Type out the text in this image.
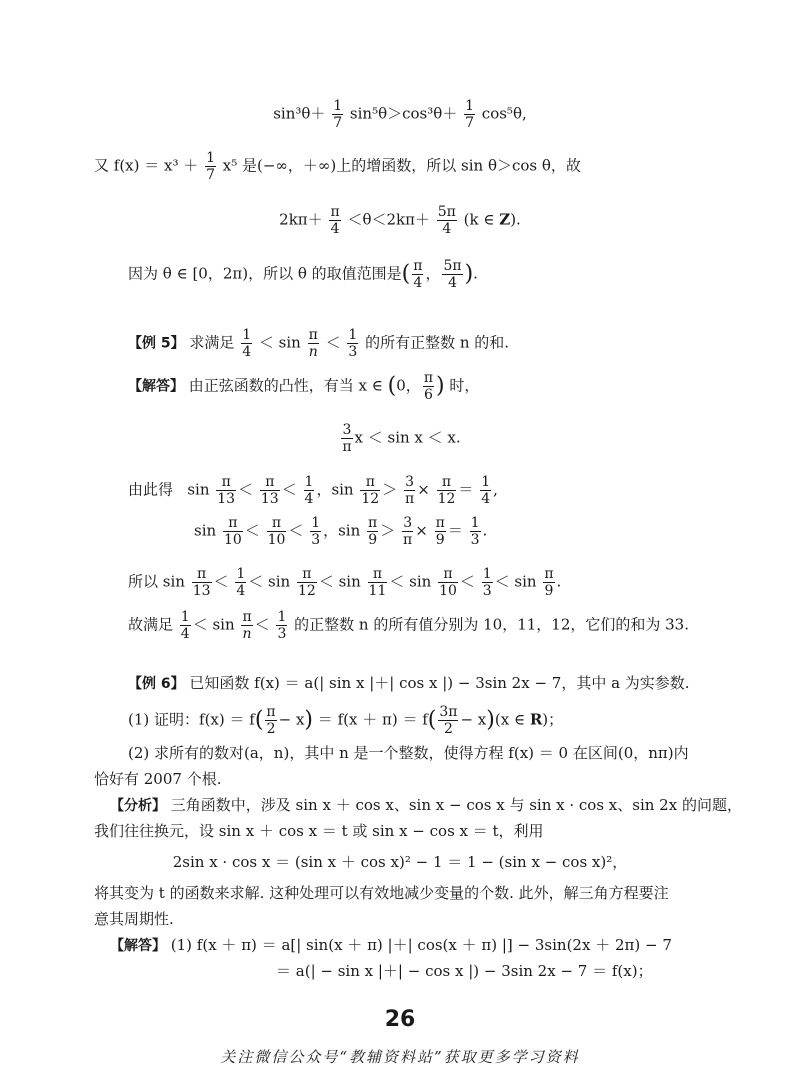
$\sin^3\theta+ \frac{1}{7} \sin^5\theta>\cos^3\theta+ \frac{1}{7} \cos^5\theta$,
又 $f(x) = x^3 + \frac{1}{7} x^5$ 是(−∞，＋∞)上的增函数，所以 sin θ＞cos θ，故
$2k\pi+ \frac{\pi}{4} <\theta<2k\pi+ \frac{5\pi}{4} (k$ ∈ Z).
因为 θ ∈ [0，2π)，所以 θ 的取值范围是( $\frac{\pi}{4}$ ， $\frac{5\pi}{4}$ ).
【例 5】 求满足 $\frac{1}{4} < \sin \frac{\pi}{n} < \frac{1}{3}$ 的所有正整数 n 的和.
【解答】 由正弦函数的凸性，有当 x ∈ (0， $\frac{\pi}{6}$ ) 时，
$\frac{3}{\pi}$ x ＜ sin x ＜ x.
由此得 $\sin \frac{\pi}{13} < \frac{\pi}{13} < \frac{1}{4}$ ，$\sin \frac{\pi}{12} > \frac{3}{\pi} \times \frac{\pi}{12} = \frac{1}{4}$ ,
$\sin \frac{\pi}{10} < \frac{\pi}{10} < \frac{1}{3}$ ，$\sin \frac{\pi}{9} > \frac{3}{\pi} \times \frac{\pi}{9} = \frac{1}{3}$ .
所以 $\sin \frac{\pi}{13} < \frac{1}{4} < \sin \frac{\pi}{12} < \sin \frac{\pi}{11} < \sin \frac{\pi}{10} < \frac{1}{3} < \sin \frac{\pi}{9}$ .
故满足 $\frac{1}{4} < \sin \frac{\pi}{n} < \frac{1}{3}$ 的正整数 n 的所有值分别为 10，11，12，它们的和为 33.
【例 6】 已知函数 f(x) ＝ a(| sin x |＋| cos x |) − 3sin 2x − 7，其中 a 为实参数.
(1) 证明：$f(x) = f( \frac{\pi}{2} - x) = f(x + \pi) = f( \frac{3\pi}{2} - x)(x$ ∈ R)；
(2) 求所有的数对(a，n)，其中 n 是一个整数，使得方程 f(x) ＝ 0 在区间(0，nπ)内
恰好有 2007 个根.
【分析】 三角函数中，涉及 sin x ＋ cos x、sin x − cos x 与 sin x · cos x、sin 2x 的问题，
我们往往换元，设 sin x ＋ cos x ＝ t 或 sin x − cos x ＝ t，利用
2sin x · cos x ＝ (sin x ＋ cos x)² − 1 ＝ 1 − (sin x − cos x)²，
将其变为 t 的函数来求解. 这种处理可以有效地减少变量的个数. 此外，解三角方程要注
意其周期性.
【解答】 (1) f(x ＋ π) ＝ a[| sin(x ＋ π) |＋| cos(x ＋ π) |] − 3sin(2x ＋ 2π) − 7
＝ a(| − sin x |＋| − cos x |) − 3sin 2x − 7 ＝ f(x)；
26
关注微信公众号“教辅资料站”获取更多学习资料
